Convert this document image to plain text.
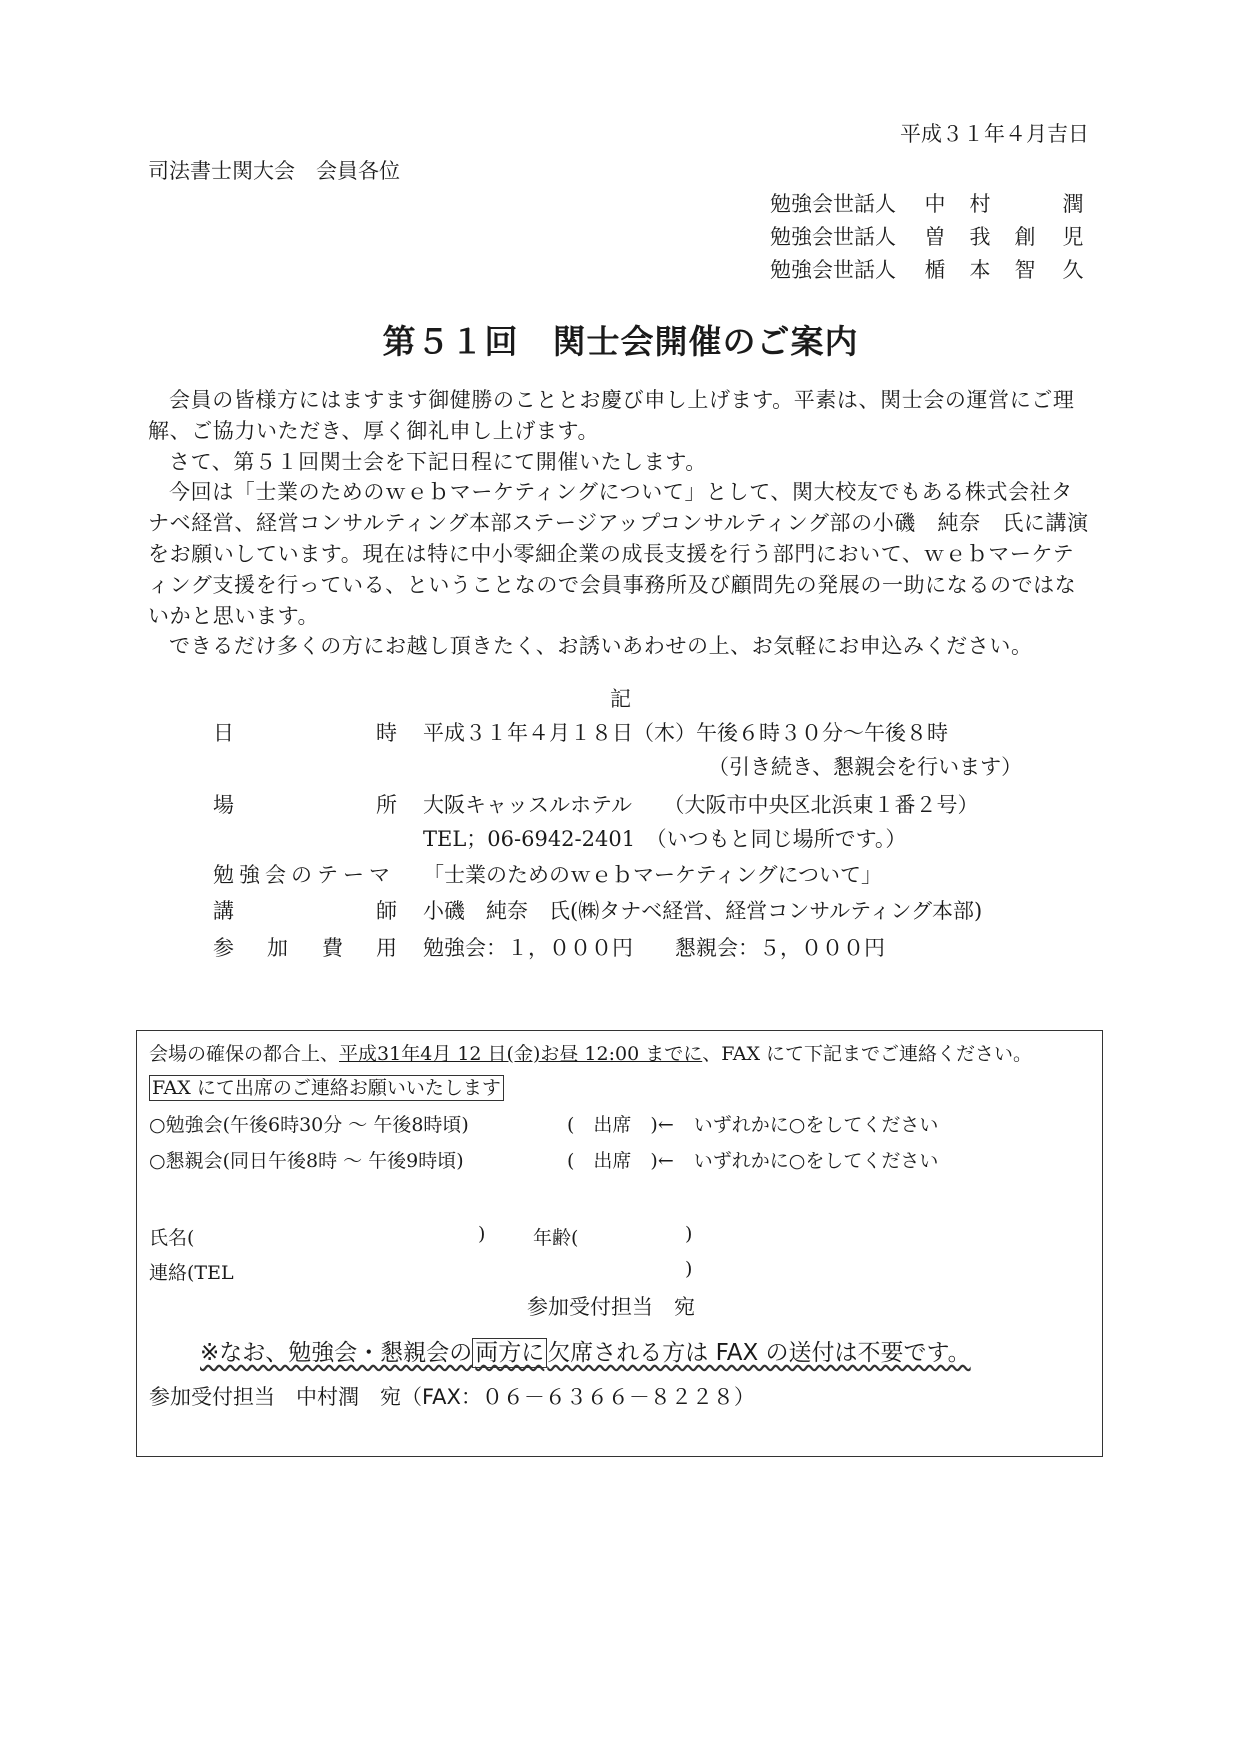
平成３１年４月吉日
司法書士関大会　会員各位
勉強会世話人 中 村	潤
勉強会世話人 曽 我 創 児
勉強会世話人 楯 本 智 久
第５１回　関士会開催のご案内

会員の皆様方にはますます御健勝のこととお慶び申し上げます。平素は、関士会の運営にご理解、ご協力いただき、厚く御礼申し上げます。

さて、第５１回関士会を下記日程にて開催いたします。

今回は「士業のためのｗｅｂマーケティングについて」として、関大校友でもある株式会社タナベ経営、経営コンサルティング本部ステージアップコンサルティング部の小磯　純奈　氏に講演をお願いしています。現在は特に中小零細企業の成長支援を行う部門において、ｗｅｂマーケティング支援を行っている、ということなので会員事務所及び顧問先の発展の一助になるのではないかと思います。

できるだけ多くの方にお越し頂きたく、お誘いあわせの上、お気軽にお申込みください。

記
日	時 平成３１年４月１８日（木）午後６時３０分～午後８時
（引き続き、懇親会を行います）
場	所 大阪キャッスルホテル　　（大阪市中央区北浜東１番２号）
TEL；06-6942-2401　（いつもと同じ場所です。）
勉強会のテーマ 「士業のためのｗｅｂマーケティングについて」
講	師 小磯　純奈　氏(㈱タナベ経営、経営コンサルティング本部)
参 加 費 用 勉強会：１，０００円　　懇親会：５，０００円
会場の確保の都合上、平成31年4月 12 日(金)お昼 12:00 までに、FAX にて下記までご連絡ください。
FAX にて出席のご連絡お願いいたします
○勉強会(午後6時30分 ～ 午後8時頃)	(　出席　)← いずれかに○をしてください
○懇親会(同日午後8時 ～ 午後9時頃)	(　出席　)← いずれかに○をしてください
氏名(	)	年齢(	)
連絡(TEL	)
参加受付担当　宛
※なお、勉強会・懇親会の 両方に 欠席される方は FAX の送付は不要です。
参加受付担当　中村潤　宛（FAX：０６－６３６６－８２２８）
